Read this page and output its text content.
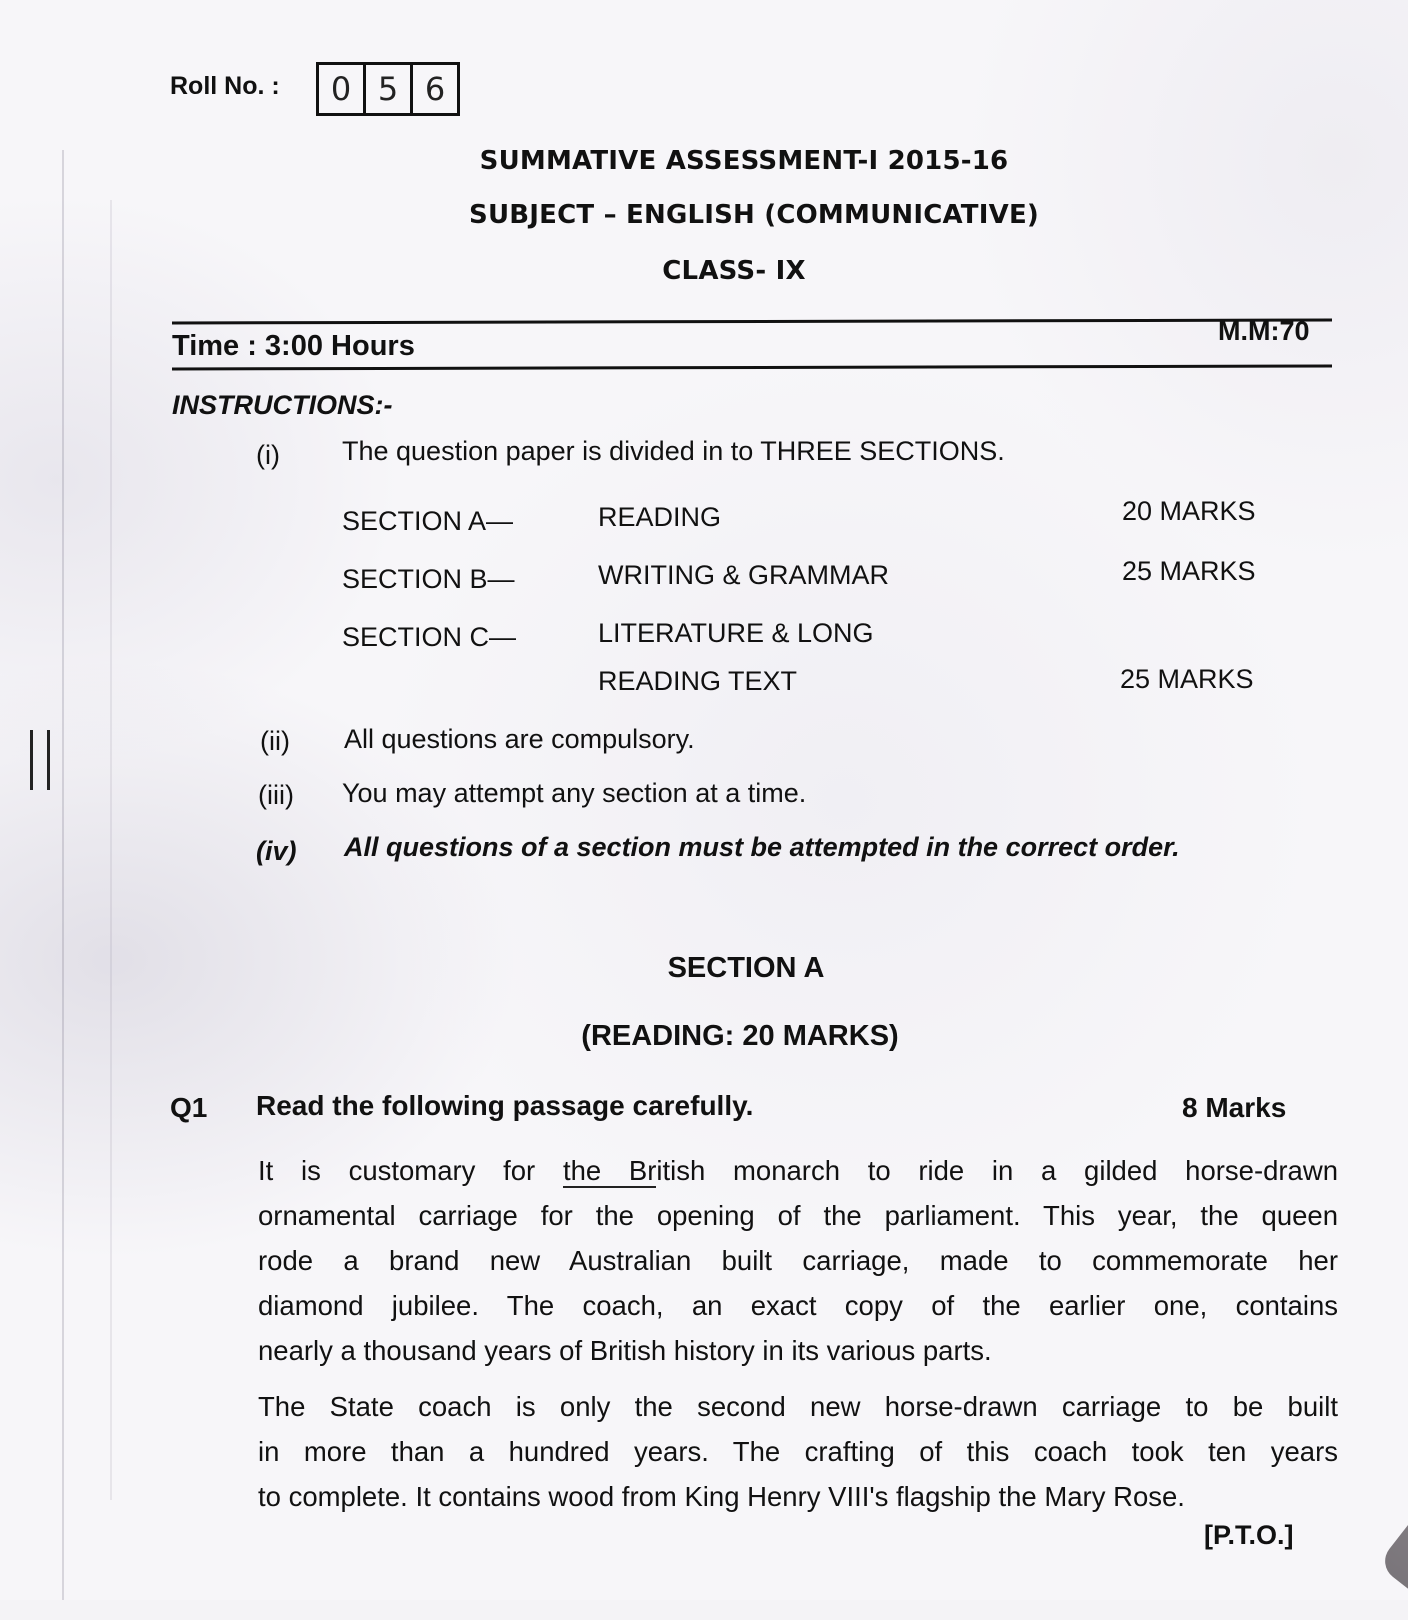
Roll No. :	0 5 6
SUMMATIVE ASSESSMENT-I 2015-16
SUBJECT – ENGLISH (COMMUNICATIVE)
CLASS- IX
Time : 3:00 Hours	M.M:70
INSTRUCTIONS:-
(i) The question paper is divided in to THREE SECTIONS.
SECTION A—	READING	20 MARKS
SECTION B—	WRITING & GRAMMAR	25 MARKS
SECTION C—	LITERATURE & LONG
READING TEXT	25 MARKS
(ii) All questions are compulsory.
(iii) You may attempt any section at a time.
(iv) All questions of a section must be attempted in the correct order.
SECTION A
(READING: 20 MARKS)
Q1 Read the following passage carefully.	8 Marks
It is customary for the British monarch to ride in a gilded horse-drawn
ornamental carriage for the opening of the parliament. This year, the queen
rode a brand new Australian built carriage, made to commemorate her
diamond jubilee. The coach, an exact copy of the earlier one, contains
nearly a thousand years of British history in its various parts.
The State coach is only the second new horse-drawn carriage to be built
in more than a hundred years. The crafting of this coach took ten years
to complete. It contains wood from King Henry VIII's flagship the Mary Rose.
[P.T.O.]
